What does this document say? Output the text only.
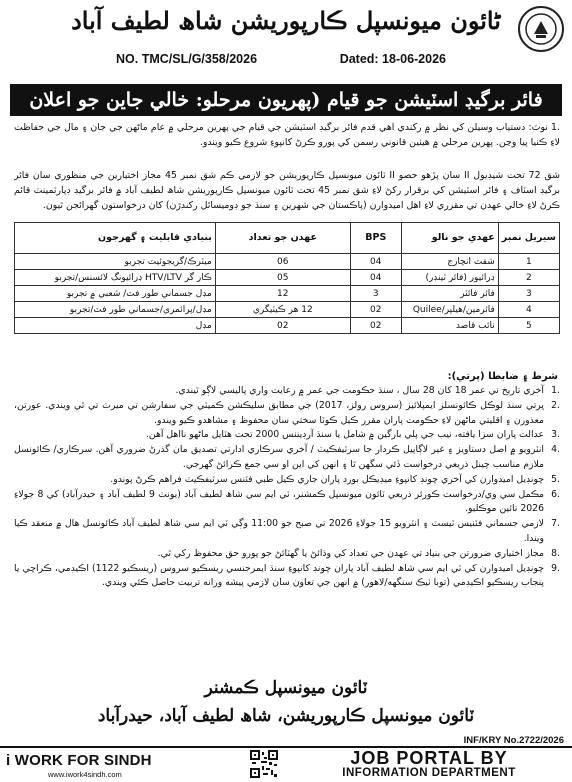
ٹائون میونسپل ڪارپوريشن شاھ لطيف آباد
NO. TMC/SL/G/358/2026	Dated: 18-06-2026
فائر برگيڊ اسٽيشن جو قيام (پهريون مرحلو: خالي جاين جو اعلان
.1 نوٽ: دستياب وسيلن کي نظر ۾ رکندي اهي قدم فائر برگيڊ اسٽيشن جي قيام جي پهرين مرحلي ۾ عام ماڻهن جي جان ۽ مال جي حفاظت لاءِ ڪنيا پيا وڃن. پهرين مرحلي ۾ هيٺين قانوني رسمن کي پورو ڪرڻ کانپوءِ شروع ڪيو ويندو.
شق 72 تحت شيڊيول II سان پڙهو حصو II ٽائون ميونسپل ڪارپوريشن جو لازمي ڪم شق نمبر 45 مجاز اختيارين جي منظوري سان فائر برگيڊ اسٽاف ۽ فائر اسٽيشن کي برقرار رکڻ لاءِ شق نمبر 45 تحت ٽائون ميونسپل ڪارپوريشن شاھ لطيف آباد ۾ فائر برگيڊ ڊپارٽمينٽ قائم ڪرڻ لاءِ خالي عهدن تي مقرري لاءِ اهل اميدوارن (پاڪستان جي شهرين ۽ سنڌ جو ڊوميسائل رکندڙن) کان درخواستون گهرائجن ٿيون.
سيريل نمبر	عهدي جو نالو	BPS	عهدن جو تعداد	بنيادي قابليت ۽ گهرجون
1	شفٽ انچارج	04	06	ميٽرڪ/گريجوئيٽ تجربو
2	ڊرائيور (فائر ٽينڊر)	04	05	ڪار گر HTV/LTV ڊرائيونگ لائسنس/تجربو
3	فائر فائٽر	3	12	مڊل جسماني طور فٽ/ شعبي ۾ تجربو
4	فائرمين/هيلپر/Quilee	02	12 هر ڪيٽيگري	مڊل/پرائمري/جسماني طور فٽ/تجربو
5	نائب قاصد	02	02	مڊل
شرط ۽ ضابطا (پرتي):
.1
آخري تاريخ تي عمر 18 کان 28 سال ، سنڌ حڪومت جي عمر ۾ رعايت واري پاليسي لاڳو ٿيندي.
.2
ڀرتي سنڌ لوڪل ڪائونسلز ايمپلائيز (سروس رولز، 2017) جي مطابق سليڪشن ڪميٽي جي سفارشن تي ميرٽ تي ٿي ويندي. عورتن، معذورن ۽ اقليتي ماڻهن لاءِ حڪومت پاران مقرر ڪيل ڪوٽا سختي سان محفوظ ۽ مشاهدو ڪيو ويندو.
.3
عدالت پاران سزا يافته، نيب جي پلي بارگين ۾ شامل يا سنڌ آرڊيننس 2000 تحت هٽايل ماڻهو نااهل آهن.
.4
انٽرويو ۾ اصل دستاويز ۽ غير لاڳاپيل ڪردار جا سرٽيفڪيٽ / آخري سرڪاري ادارتي تصديق مان گذرڻ ضروري آهن. سرڪاري/ ڪائونسل ملازم مناسب چينل ذريعي درخواست ڏئي سگهن ٿا ۽ انهن کي اين او سي جمع ڪرائڻ گهرجي.
.5
چونڊيل اميدوارن کي آخري چونڊ کانپوءِ ميڊيڪل بورڊ پاران جاري ڪيل طبي فٽنس سرٽيفڪيٽ فراهم ڪرڻ پوندو.
.6
مڪمل سي وي/درخواست ڪورئر ذريعي ٽائون ميونسپل ڪمشنر، ٽي ايم سي شاھ لطيف آباد (يونٽ 9 لطيف آباد ۽ حيدرآباد) کي 8 جولاءِ 2026 تائين موڪليو.
.7
لازمي جسماني فٽنيس ٽيسٽ ۽ انٽرويو 15 جولاءِ 2026 تي صبح جو 11:00 وڳي ٽي ايم سي شاھ لطيف آباد ڪائونسل هال ۾ منعقد ڪيا ويندا.
.8
مجاز اختياري ضرورتن جي بنياد تي عهدن جي تعداد کي وڌائڻ يا گهٽائڻ جو پورو حق محفوظ رکي ٿي.
.9
چونڊيل اميدوارن کي ٽي ايم سي شاھ لطيف آباد پاران چونڊ کانپوءِ سنڌ ايمرجنسي ريسڪيو سروس (ريسڪيو 1122) اڪيڊمي، ڪراچي يا پنجاب ريسڪيو اڪيڊمي (توبا ٽيڪ سنگهه/لاهور) ۾ انهن جي تعاون سان لازمي پيشه ورانه تربيت حاصل ڪئي ويندي.
ٽائون ميونسپل ڪمشنر
ٽائون ميونسپل ڪارپوريشن، شاھ لطيف آباد، حيدرآباد
INF/KRY No.2722/2026
i WORK FOR SINDH
www.iwork4sindh.com
JOB PORTAL BY
INFORMATION DEPARTMENT
